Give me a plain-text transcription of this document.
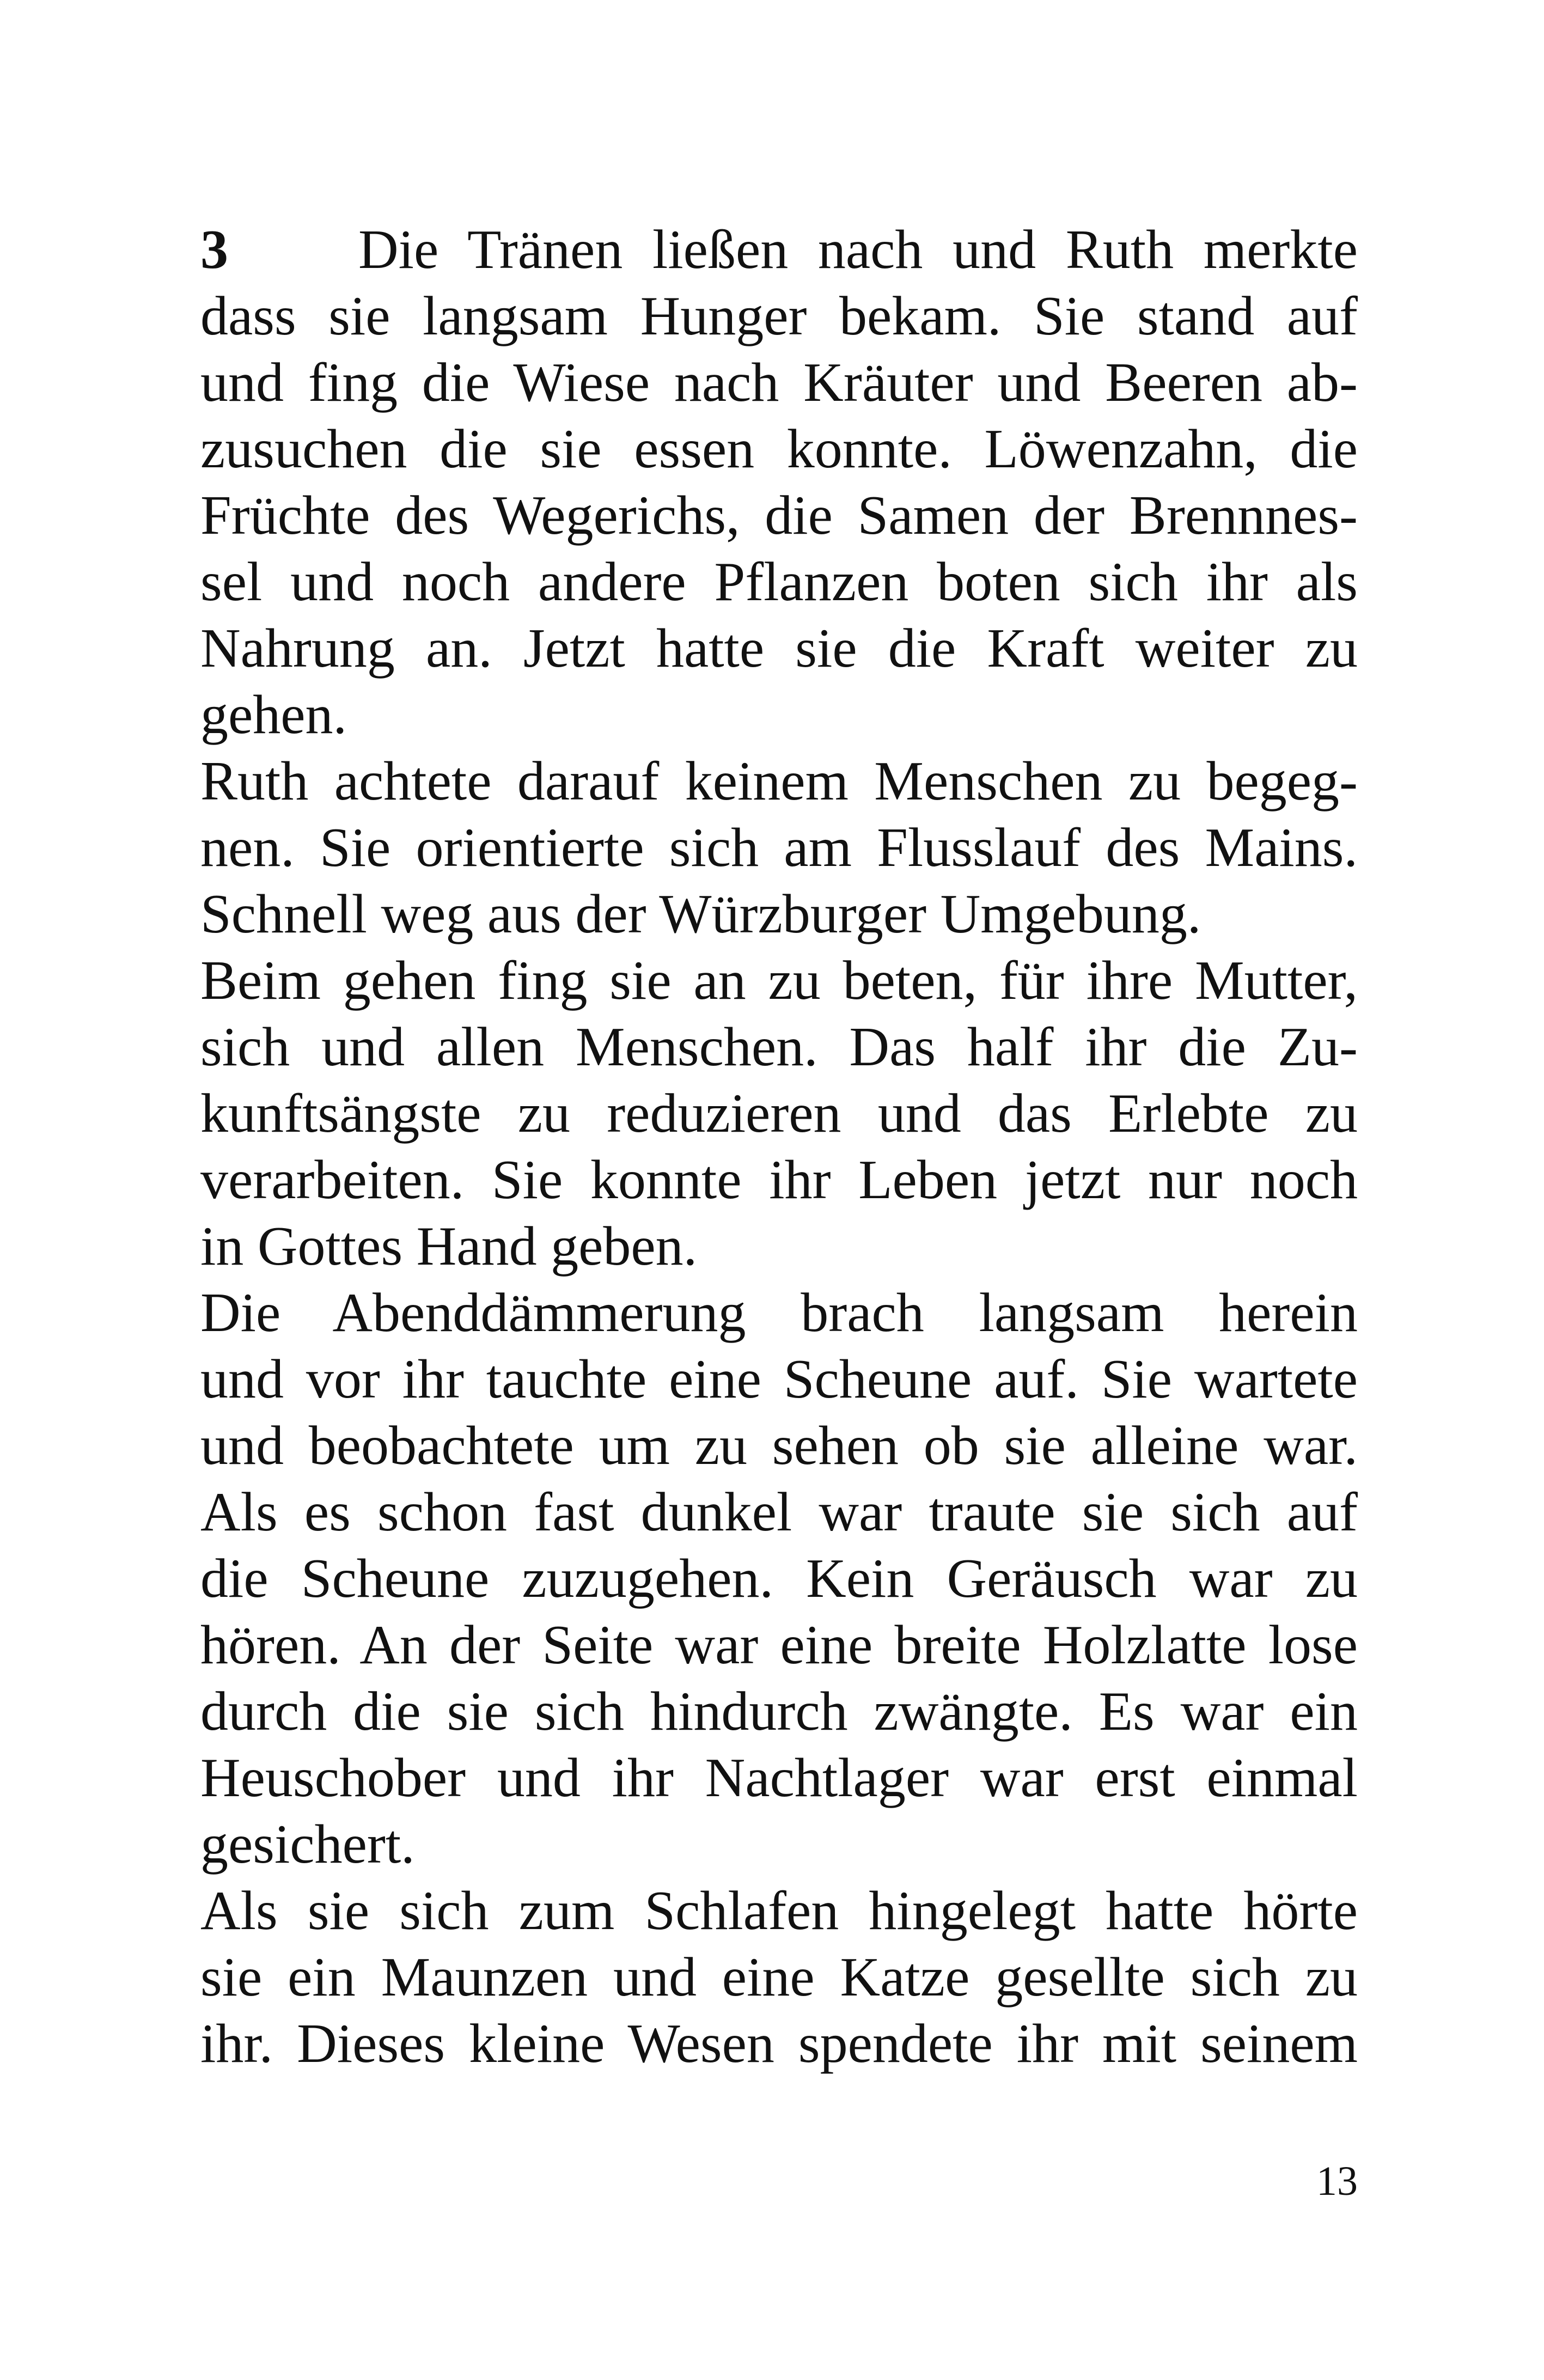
3 Die Tränen ließen nach und Ruth merkte
dass sie langsam Hunger bekam. Sie stand auf
und fing die Wiese nach Kräuter und Beeren ab-
zusuchen die sie essen konnte. Löwenzahn, die
Früchte des Wegerichs, die Samen der Brennnes-
sel und noch andere Pflanzen boten sich ihr als
Nahrung an. Jetzt hatte sie die Kraft weiter zu
gehen.
Ruth achtete darauf keinem Menschen zu begeg-
nen. Sie orientierte sich am Flusslauf des Mains.
Schnell weg aus der Würzburger Umgebung.
Beim gehen fing sie an zu beten, für ihre Mutter,
sich und allen Menschen. Das half ihr die Zu-
kunftsängste zu reduzieren und das Erlebte zu
verarbeiten. Sie konnte ihr Leben jetzt nur noch
in Gottes Hand geben.
Die Abenddämmerung brach langsam herein
und vor ihr tauchte eine Scheune auf. Sie wartete
und beobachtete um zu sehen ob sie alleine war.
Als es schon fast dunkel war traute sie sich auf
die Scheune zuzugehen. Kein Geräusch war zu
hören. An der Seite war eine breite Holzlatte lose
durch die sie sich hindurch zwängte. Es war ein
Heuschober und ihr Nachtlager war erst einmal
gesichert.
Als sie sich zum Schlafen hingelegt hatte hörte
sie ein Maunzen und eine Katze gesellte sich zu
ihr. Dieses kleine Wesen spendete ihr mit seinem
13
